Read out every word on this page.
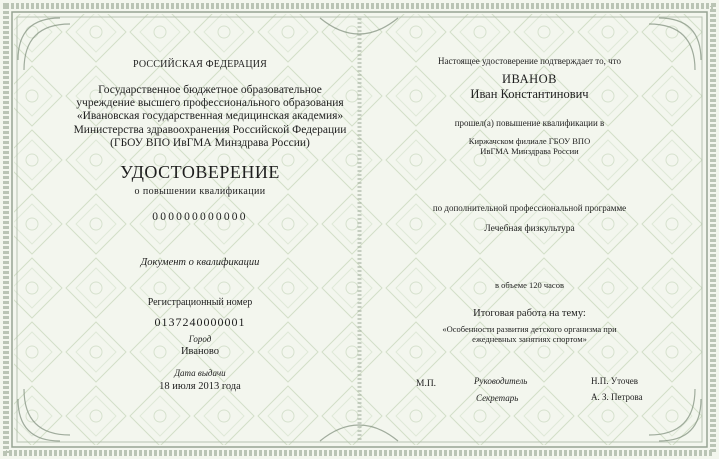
РОССИЙСКАЯ ФЕДЕРАЦИЯ
Государственное бюджетное образовательное
учреждение высшего профессионального образования
«Ивановская государственная медицинская академия»
Министерства здравоохранения Российской Федерации
(ГБОУ ВПО ИвГМА Минздрава России)
УДОСТОВЕРЕНИЕ
о повышении квалификации
000000000000
Документ о квалификации
Регистрационный номер
0137240000001
Город
Иваново
Дата выдачи
18 июля 2013 года
Настоящее удостоверение подтверждает то, что
ИВАНОВ
Иван Константинович
прошел(а) повышение квалификации в
Киржачском филиале ГБОУ ВПО
ИвГМА Минздрава России
по дополнительной профессиональной программе
Лечебная физкультура
в объеме 120 часов
Итоговая работа на тему:
«Особенности развития детского организма при
ежедневных занятиях спортом»
М.П.	Руководитель	Н.П. Уточев
Секретарь	А. З. Петрова
